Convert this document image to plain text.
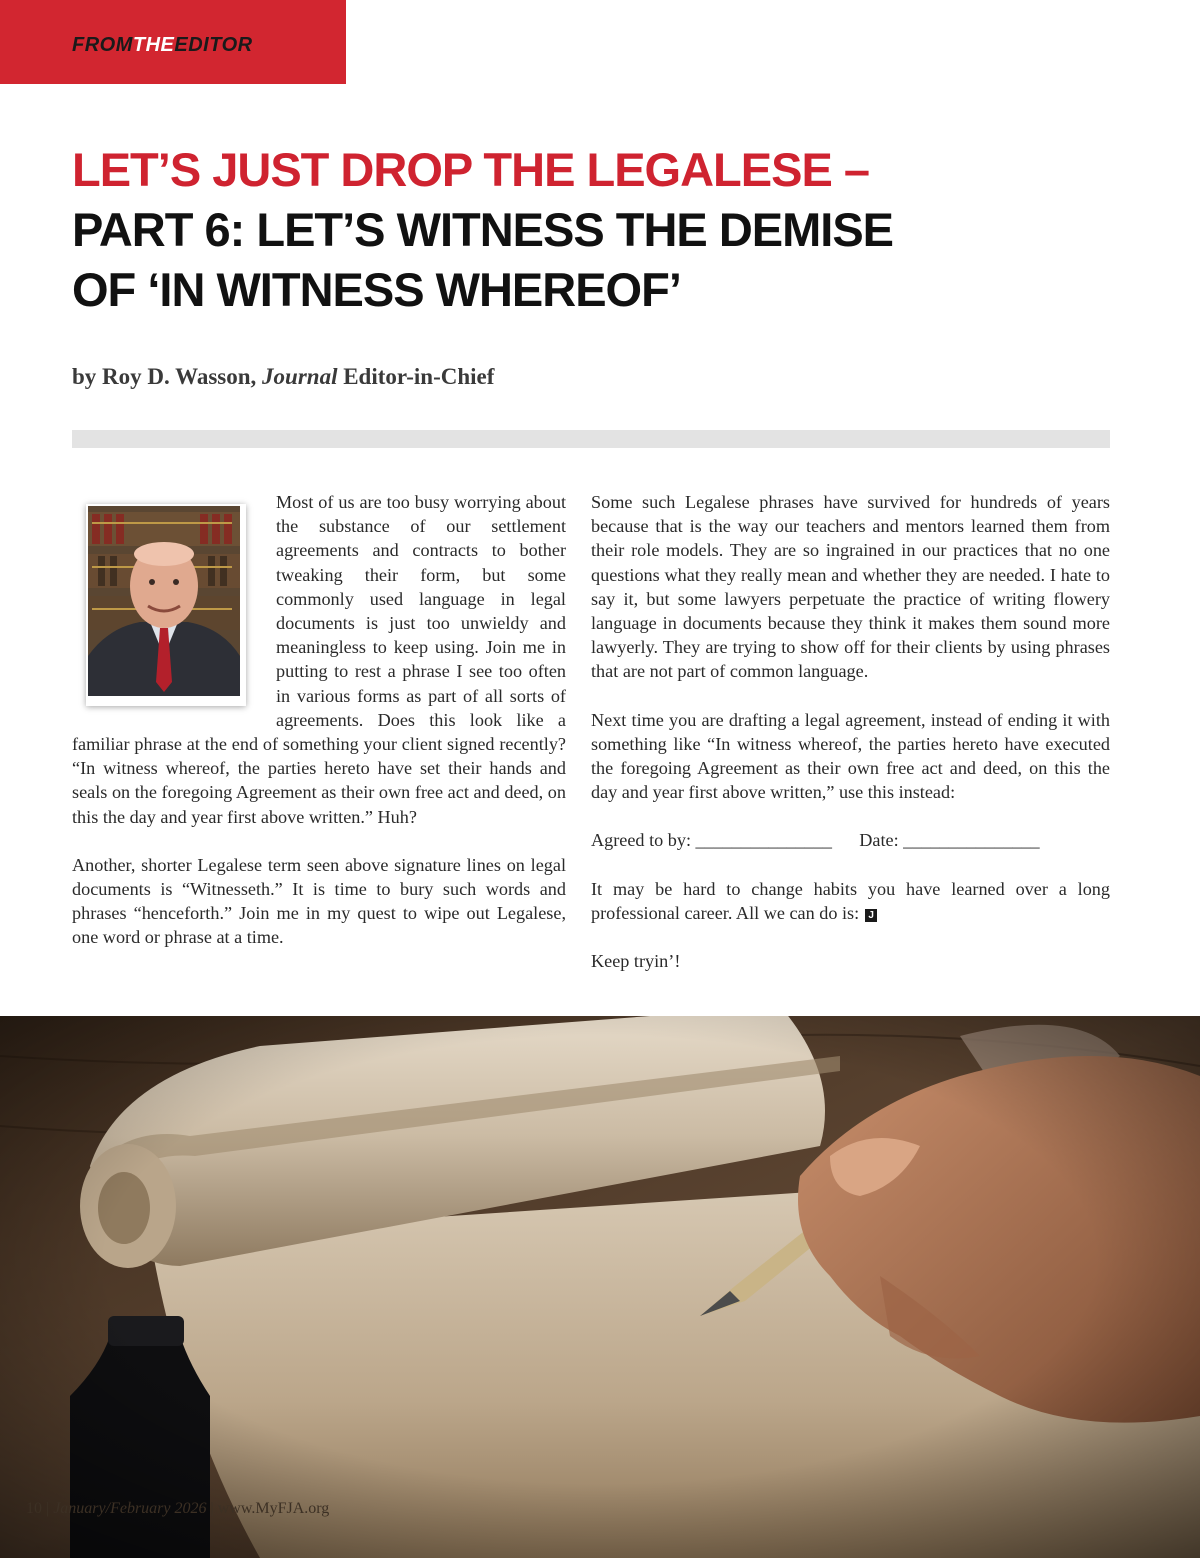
FROMTHEEDITOR
LET’S JUST DROP THE LEGALESE –
PART 6: LET’S WITNESS THE DEMISE
OF ‘IN WITNESS WHEREOF’

by Roy D. Wasson, Journal Editor-in-Chief

Most of us are too busy worrying about the substance of our settlement agreements and contracts to bother tweaking their form, but some commonly used language in legal documents is just too unwieldy and meaningless to keep using. Join me in putting to rest a phrase I see too often in various forms as part of all sorts of agreements. Does this look like a familiar phrase at the end of something your client signed recently? “In witness whereof, the parties hereto have set their hands and seals on the foregoing Agreement as their own free act and deed, on this the day and year first above written.” Huh?

Another, shorter Legalese term seen above signature lines on legal documents is “Witnesseth.” It is time to bury such words and phrases “henceforth.” Join me in my quest to wipe out Legalese, one word or phrase at a time.

Some such Legalese phrases have survived for hundreds of years because that is the way our teachers and mentors learned them from their role models. They are so ingrained in our practices that no one questions what they really mean and whether they are needed. I hate to say it, but some lawyers perpetuate the practice of writing flowery language in documents because they think it makes them sound more lawyerly. They are trying to show off for their clients by using phrases that are not part of common language.

Next time you are drafting a legal agreement, instead of ending it with something like “In witness whereof, the parties hereto have executed the foregoing Agreement as their own free act and deed, on this the day and year first above written,” use this instead:

Agreed to by: _______________ Date: _______________

It may be hard to change habits you have learned over a long professional career. All we can do is: J

Keep tryin’!

10 | January/February 2026 | www.MyFJA.org
